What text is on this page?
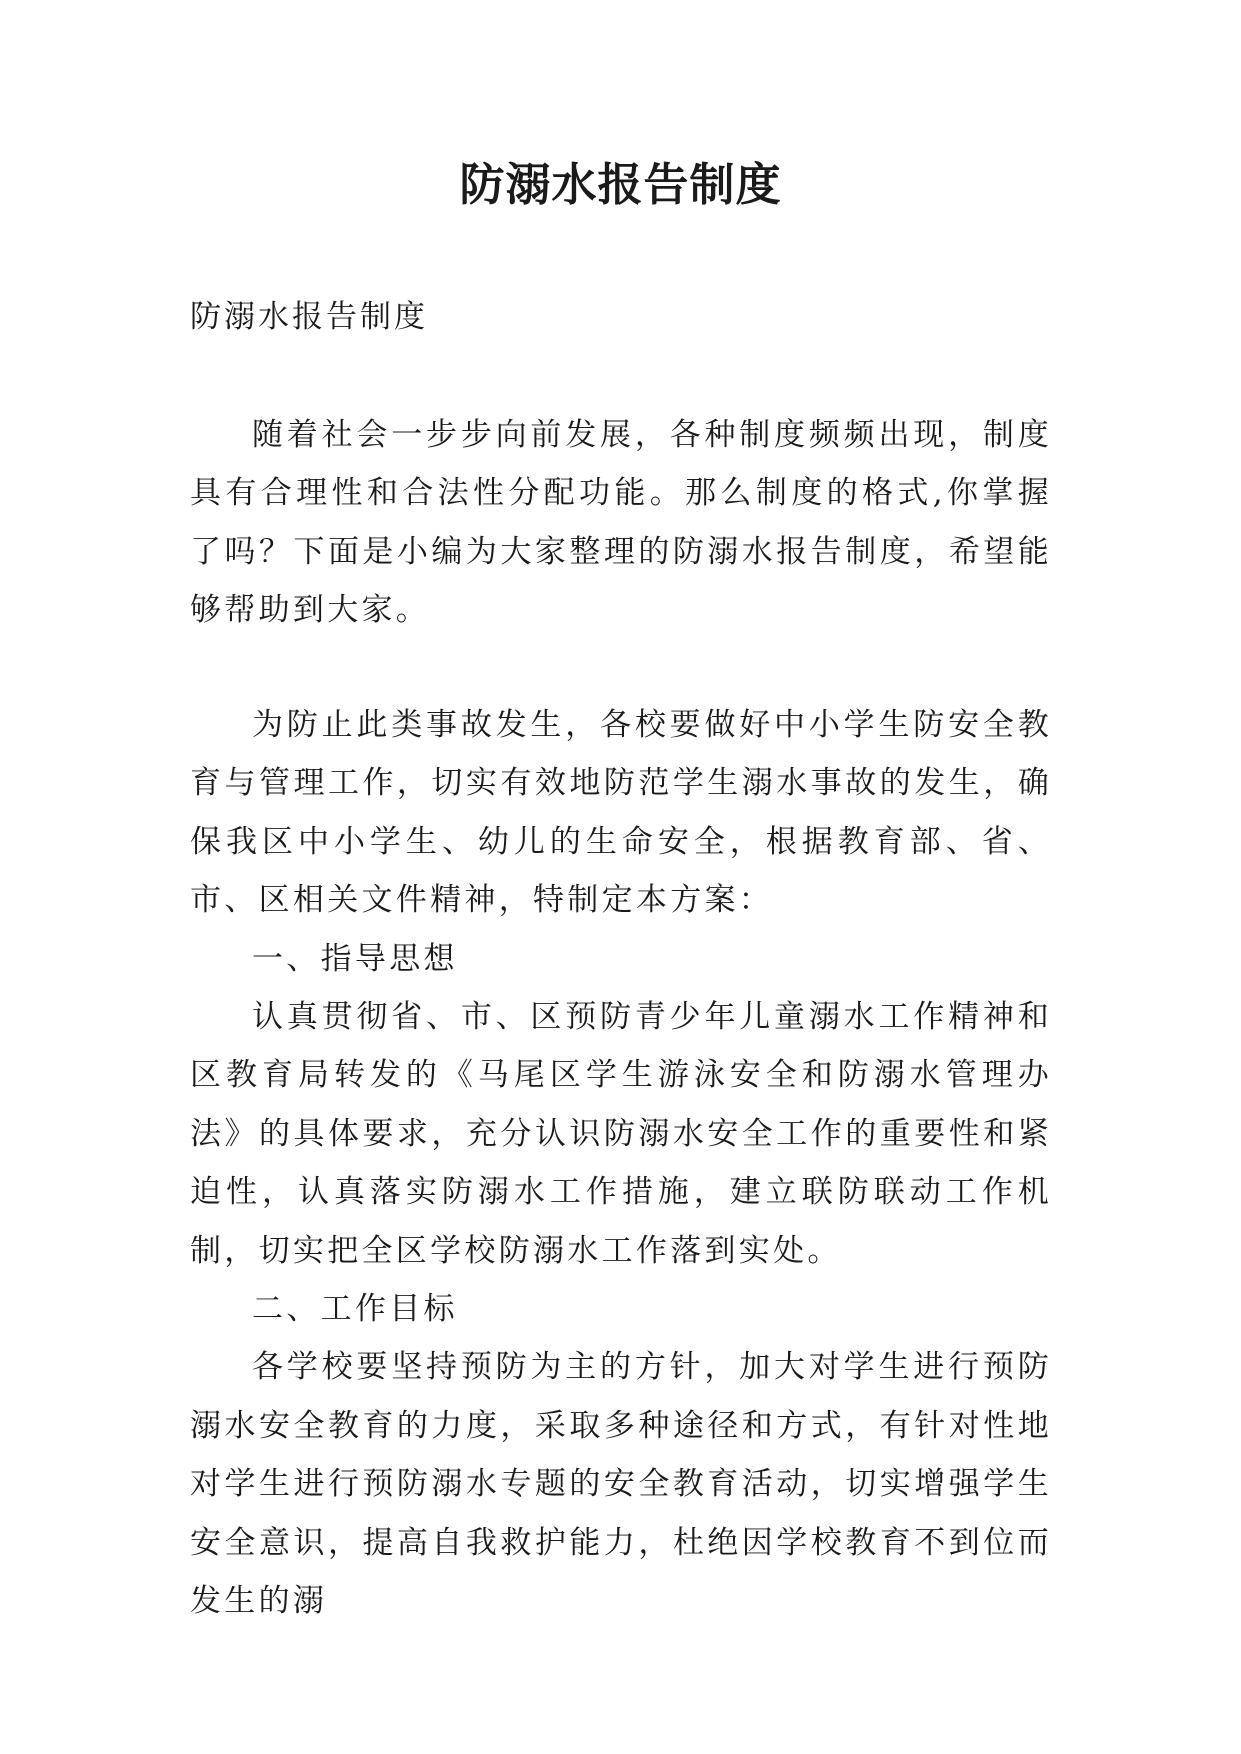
防溺水报告制度
防溺水报告制度

随着社会一步步向前发展，各种制度频频出现，制度具有合理性和合法性分配功能。那么制度的格式,你掌握了吗？下面是小编为大家整理的防溺水报告制度，希望能够帮助到大家。

为防止此类事故发生，各校要做好中小学生防安全教育与管理工作，切实有效地防范学生溺水事故的发生，确保我区中小学生、幼儿的生命安全，根据教育部、省、市、区相关文件精神，特制定本方案：

一、指导思想

认真贯彻省、市、区预防青少年儿童溺水工作精神和区教育局转发的《马尾区学生游泳安全和防溺水管理办法》的具体要求，充分认识防溺水安全工作的重要性和紧迫性，认真落实防溺水工作措施，建立联防联动工作机制，切实把全区学校防溺水工作落到实处。

二、工作目标

各学校要坚持预防为主的方针，加大对学生进行预防溺水安全教育的力度，采取多种途径和方式，有针对性地对学生进行预防溺水专题的安全教育活动，切实增强学生安全意识，提高自我救护能力，杜绝因学校教育不到位而发生的溺
